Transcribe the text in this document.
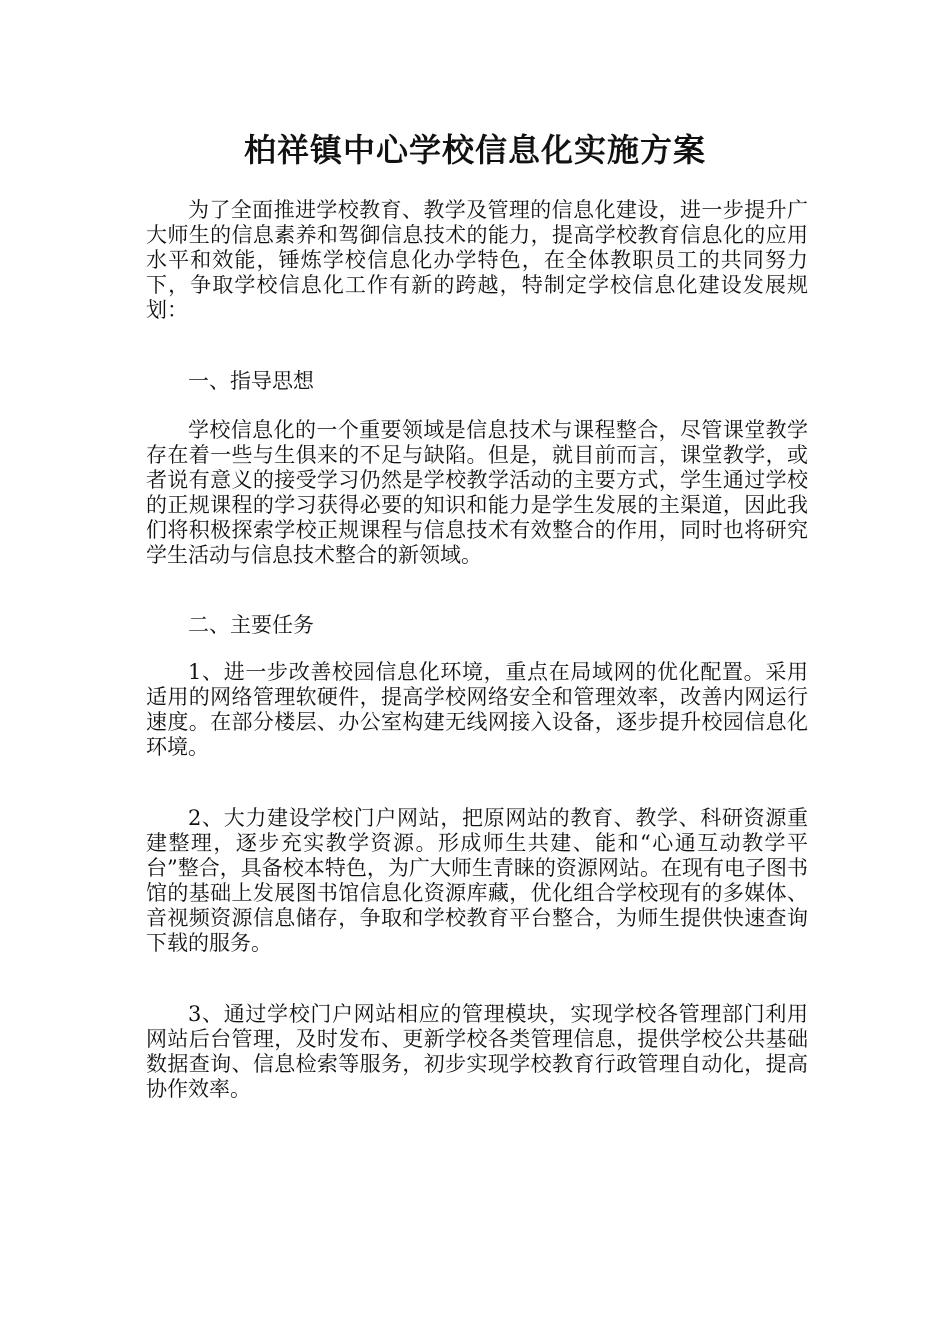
柏祥镇中心学校信息化实施方案

为了全面推进学校教育、教学及管理的信息化建设，进一步提升广大师生的信息素养和驾御信息技术的能力，提高学校教育信息化的应用水平和效能，锤炼学校信息化办学特色，在全体教职员工的共同努力下，争取学校信息化工作有新的跨越，特制定学校信息化建设发展规划：

一、指导思想

学校信息化的一个重要领域是信息技术与课程整合，尽管课堂教学存在着一些与生俱来的不足与缺陷。但是，就目前而言，课堂教学，或者说有意义的接受学习仍然是学校教学活动的主要方式，学生通过学校的正规课程的学习获得必要的知识和能力是学生发展的主渠道，因此我们将积极探索学校正规课程与信息技术有效整合的作用，同时也将研究学生活动与信息技术整合的新领域。

二、主要任务

1、进一步改善校园信息化环境，重点在局域网的优化配置。采用适用的网络管理软硬件，提高学校网络安全和管理效率，改善内网运行速度。在部分楼层、办公室构建无线网接入设备，逐步提升校园信息化环境。

2、大力建设学校门户网站，把原网站的教育、教学、科研资源重建整理，逐步充实教学资源。形成师生共建、能和“心通互动教学平台”整合，具备校本特色，为广大师生青睐的资源网站。在现有电子图书馆的基础上发展图书馆信息化资源库藏，优化组合学校现有的多媒体、音视频资源信息储存，争取和学校教育平台整合，为师生提供快速查询下载的服务。

3、通过学校门户网站相应的管理模块，实现学校各管理部门利用网站后台管理，及时发布、更新学校各类管理信息，提供学校公共基础数据查询、信息检索等服务，初步实现学校教育行政管理自动化，提高协作效率。
